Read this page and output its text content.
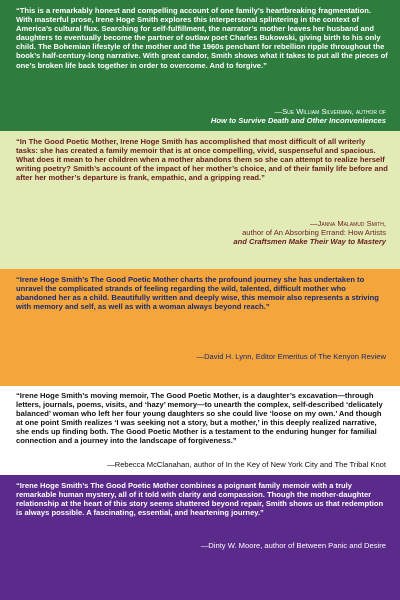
“This is a remarkably honest and compelling account of one family’s heartbreaking fragmentation. With masterful prose, Irene Hoge Smith explores this interpersonal splintering in the context of America’s cultural flux. Searching for self-fulfillment, the narrator’s mother leaves her husband and daughters to eventually become the partner of outlaw poet Charles Bukowski, giving birth to his only child. The Bohemian lifestyle of the mother and the 1960s penchant for rebellion ripple throughout the book’s half-century-long narrative. With great candor, Smith shows what it takes to put all the pieces of one’s broken life back together in order to overcome. And to forgive.”
—Sue William Silverman, author of
How to Survive Death and Other Inconveniences
“In The Good Poetic Mother, Irene Hoge Smith has accomplished that most difficult of all writerly tasks: she has created a family memoir that is at once compelling, vivid, suspenseful and spacious. What does it mean to her children when a mother abandons them so she can attempt to realize herself writing poetry? Smith’s account of the impact of her mother’s choice, and of their family life before and after her mother’s departure is frank, empathic, and a gripping read.”
—Janna Malamud Smith,
author of An Absorbing Errand: How Artists
and Craftsmen Make Their Way to Mastery
“Irene Hoge Smith’s The Good Poetic Mother charts the profound journey she has undertaken to unravel the complicated strands of feeling regarding the wild, talented, difficult mother who abandoned her as a child. Beautifully written and deeply wise, this memoir also represents a striving with memory and self, as well as with a woman always beyond reach.”
—David H. Lynn, Editor Emeritus of The Kenyon Review
“Irene Hoge Smith’s moving memoir, The Good Poetic Mother, is a daughter’s excavation—through letters, journals, poems, visits, and ‘hazy’ memory—to unearth the complex, self-described ‘delicately balanced’ woman who left her four young daughters so she could live ‘loose on my own.’ And though at one point Smith realizes ‘I was seeking not a story, but a mother,’ in this deeply realized narrative, she ends up finding both. The Good Poetic Mother is a testament to the enduring hunger for familial connection and a journey into the landscape of forgiveness.”
—Rebecca McClanahan, author of In the Key of New York City and The Tribal Knot
“Irene Hoge Smith’s The Good Poetic Mother combines a poignant family memoir with a truly remarkable human mystery, all of it told with clarity and compassion. Though the mother-daughter relationship at the heart of this story seems shattered beyond repair, Smith shows us that redemption is always possible. A fascinating, essential, and heartening journey.”
—Dinty W. Moore, author of Between Panic and Desire
